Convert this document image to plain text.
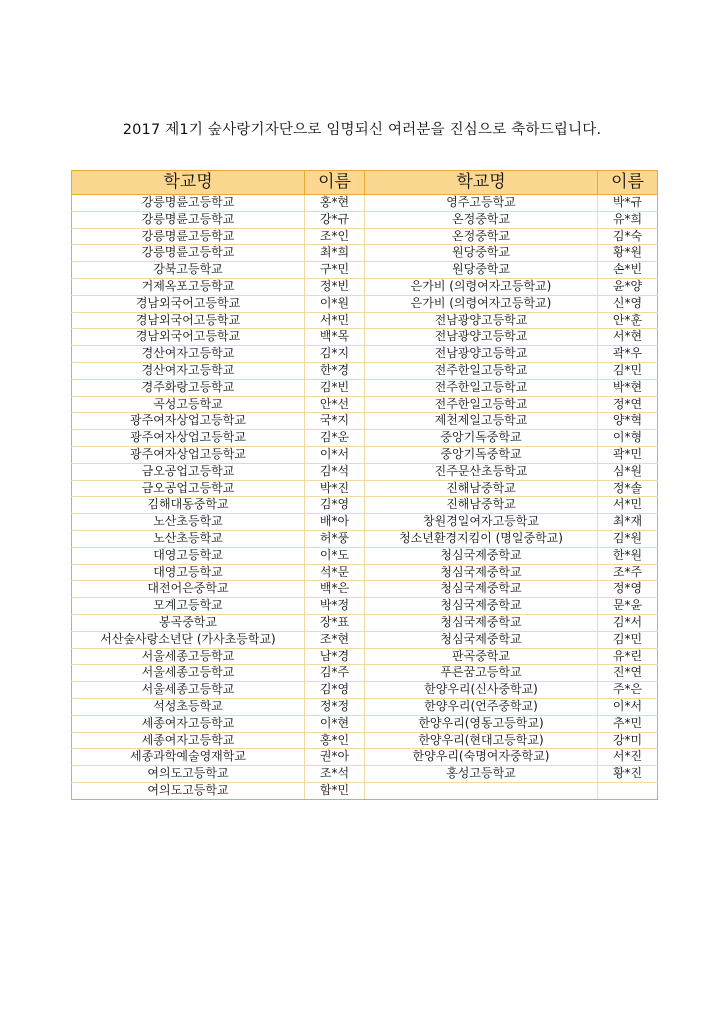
2017 제1기 숲사랑기자단으로 임명되신 여러분을 진심으로 축하드립니다.
학교명	이름	학교명	이름
강릉명륜고등학교	홍*현	영주고등학교	박*규
강릉명륜고등학교	강*규	온정중학교	유*희
강릉명륜고등학교	조*인	온정중학교	김*숙
강릉명륜고등학교	최*희	원당중학교	황*원
강북고등학교	구*민	원당중학교	손*빈
거제옥포고등학교	정*빈	은가비 (의령여자고등학교)	윤*양
경남외국어고등학교	이*원	은가비 (의령여자고등학교)	신*영
경남외국어고등학교	서*민	전남광양고등학교	안*훈
경남외국어고등학교	백*목	전남광양고등학교	서*현
경산여자고등학교	김*지	전남광양고등학교	곽*우
경산여자고등학교	한*경	전주한일고등학교	김*민
경주화랑고등학교	김*빈	전주한일고등학교	박*현
곡성고등학교	안*선	전주한일고등학교	정*연
광주여자상업고등학교	국*지	제천제일고등학교	양*혁
광주여자상업고등학교	김*운	중앙기독중학교	이*형
광주여자상업고등학교	이*서	중앙기독중학교	곽*민
금오공업고등학교	김*석	진주문산초등학교	심*원
금오공업고등학교	박*진	진해남중학교	정*솔
김해대동중학교	김*영	진해남중학교	서*민
노산초등학교	배*아	창원경일여자고등학교	최*재
노산초등학교	허*풍	청소년환경지킴이 (명일중학교)	김*원
대영고등학교	이*도	청심국제중학교	한*원
대영고등학교	석*문	청심국제중학교	조*주
대전어은중학교	백*은	청심국제중학교	정*영
모계고등학교	박*정	청심국제중학교	문*윤
봉곡중학교	장*표	청심국제중학교	김*서
서산숲사랑소년단 (가사초등학교)	조*현	청심국제중학교	김*민
서울세종고등학교	남*경	판곡중학교	유*린
서울세종고등학교	김*주	푸른꿈고등학교	진*연
서울세종고등학교	김*영	한양우리(신사중학교)	주*은
석성초등학교	정*정	한양우리(언주중학교)	이*서
세종여자고등학교	이*현	한양우리(영동고등학교)	추*민
세종여자고등학교	홍*인	한양우리(현대고등학교)	강*미
세종과학예술영재학교	권*아	한양우리(숙명여자중학교)	서*진
여의도고등학교	조*석	홍성고등학교	황*진
여의도고등학교	함*민		
